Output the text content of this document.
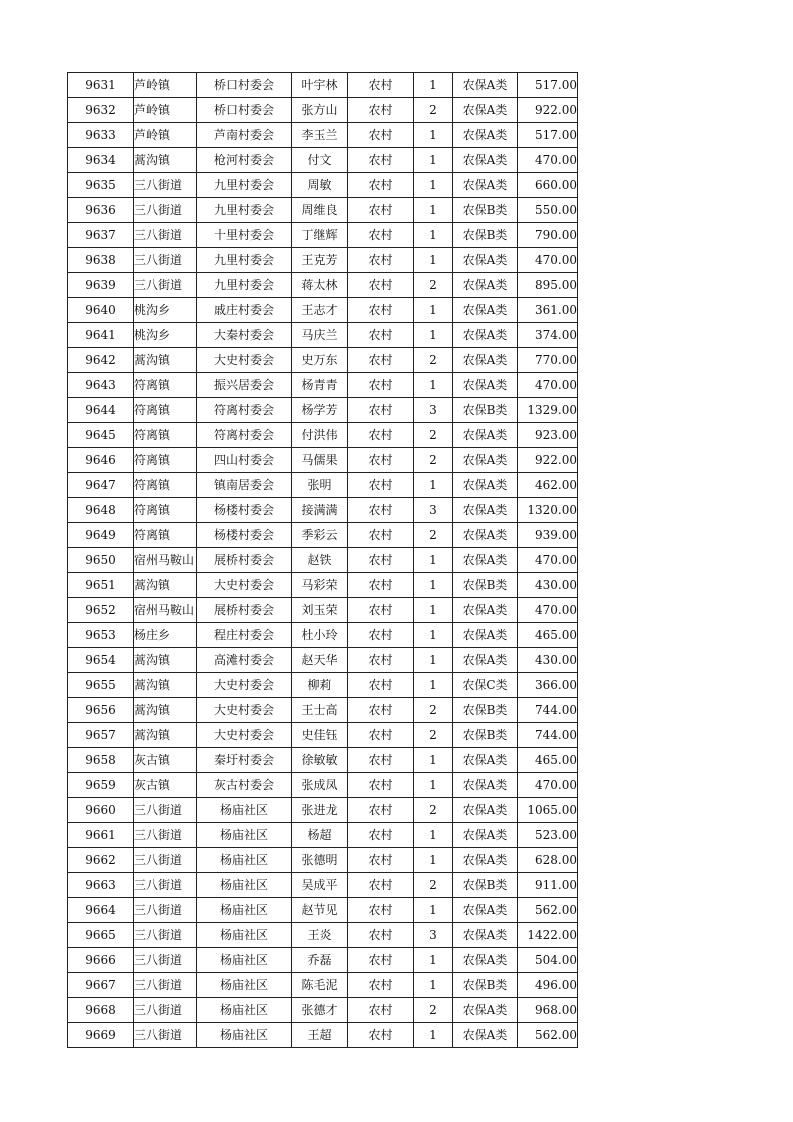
9631	芦岭镇	桥口村委会	叶宇林	农村	1	农保A类	517.00
9632	芦岭镇	桥口村委会	张方山	农村	2	农保A类	922.00
9633	芦岭镇	芦南村委会	李玉兰	农村	1	农保A类	517.00
9634	蒿沟镇	枪河村委会	付文	农村	1	农保A类	470.00
9635	三八街道	九里村委会	周敏	农村	1	农保A类	660.00
9636	三八街道	九里村委会	周维良	农村	1	农保B类	550.00
9637	三八街道	十里村委会	丁继辉	农村	1	农保B类	790.00
9638	三八街道	九里村委会	王克芳	农村	1	农保A类	470.00
9639	三八街道	九里村委会	蒋太林	农村	2	农保A类	895.00
9640	桃沟乡	戚庄村委会	王志才	农村	1	农保A类	361.00
9641	桃沟乡	大秦村委会	马庆兰	农村	1	农保A类	374.00
9642	蒿沟镇	大史村委会	史万东	农村	2	农保A类	770.00
9643	符离镇	振兴居委会	杨青青	农村	1	农保A类	470.00
9644	符离镇	符离村委会	杨学芳	农村	3	农保B类	1329.00
9645	符离镇	符离村委会	付洪伟	农村	2	农保A类	923.00
9646	符离镇	四山村委会	马儒果	农村	2	农保A类	922.00
9647	符离镇	镇南居委会	张明	农村	1	农保A类	462.00
9648	符离镇	杨楼村委会	接满满	农村	3	农保A类	1320.00
9649	符离镇	杨楼村委会	季彩云	农村	2	农保A类	939.00
9650	宿州马鞍山	展桥村委会	赵铁	农村	1	农保A类	470.00
9651	蒿沟镇	大史村委会	马彩荣	农村	1	农保B类	430.00
9652	宿州马鞍山	展桥村委会	刘玉荣	农村	1	农保A类	470.00
9653	杨庄乡	程庄村委会	杜小玲	农村	1	农保A类	465.00
9654	蒿沟镇	高滩村委会	赵天华	农村	1	农保A类	430.00
9655	蒿沟镇	大史村委会	柳莉	农村	1	农保C类	366.00
9656	蒿沟镇	大史村委会	王士高	农村	2	农保B类	744.00
9657	蒿沟镇	大史村委会	史佳钰	农村	2	农保B类	744.00
9658	灰古镇	秦圩村委会	徐敏敏	农村	1	农保A类	465.00
9659	灰古镇	灰古村委会	张成凤	农村	1	农保A类	470.00
9660	三八街道	杨庙社区	张进龙	农村	2	农保A类	1065.00
9661	三八街道	杨庙社区	杨超	农村	1	农保A类	523.00
9662	三八街道	杨庙社区	张德明	农村	1	农保A类	628.00
9663	三八街道	杨庙社区	吴成平	农村	2	农保B类	911.00
9664	三八街道	杨庙社区	赵节见	农村	1	农保A类	562.00
9665	三八街道	杨庙社区	王炎	农村	3	农保A类	1422.00
9666	三八街道	杨庙社区	乔磊	农村	1	农保A类	504.00
9667	三八街道	杨庙社区	陈毛泥	农村	1	农保B类	496.00
9668	三八街道	杨庙社区	张德才	农村	2	农保A类	968.00
9669	三八街道	杨庙社区	王超	农村	1	农保A类	562.00
